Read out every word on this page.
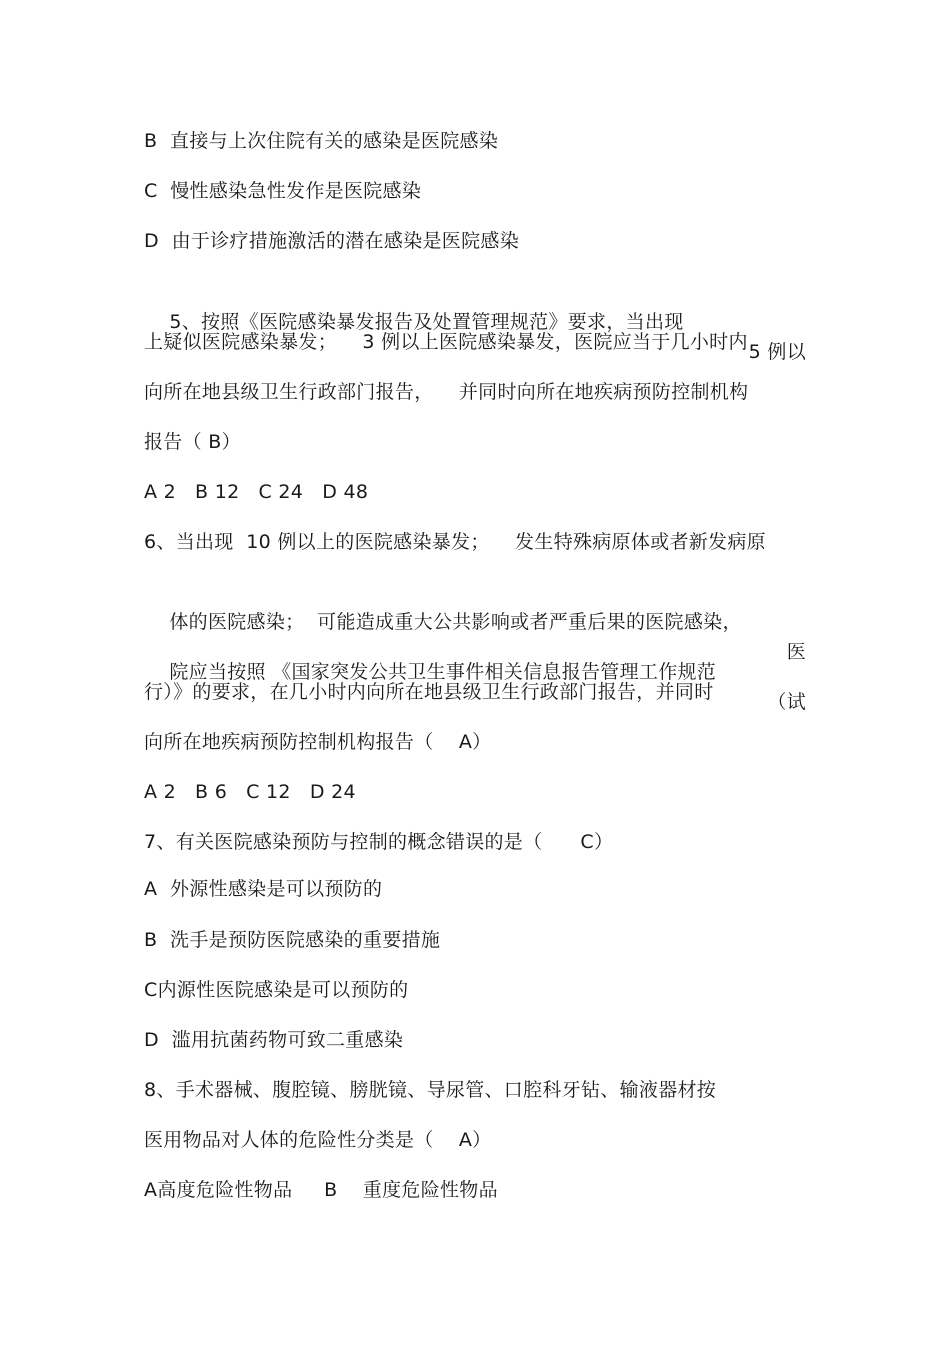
B  直接与上次住院有关的感染是医院感染
C  慢性感染急性发作是医院感染
D  由于诊疗措施激活的潜在感染是医院感染

5、按照《医院感染暴发报告及处置管理规范》要求，当出现

5 例以

上疑似医院感染暴发；    3 例以上医院感染暴发，医院应当于几小时内
向所在地县级卫生行政部门报告，    并同时向所在地疾病预防控制机构
报告（ B）
A 2   B 12   C 24   D 48
6、当出现  10 例以上的医院感染暴发；    发生特殊病原体或者新发病原

体的医院感染；  可能造成重大公共影响或者严重后果的医院感染，

医

院应当按照 《国家突发公共卫生事件相关信息报告管理工作规范

（试

行）》的要求，在几小时内向所在地县级卫生行政部门报告，并同时
向所在地疾病预防控制机构报告（    A）
A 2   B 6   C 12   D 24
7、有关医院感染预防与控制的概念错误的是（      C）
A  外源性感染是可以预防的
B  洗手是预防医院感染的重要措施
C内源性医院感染是可以预防的
D  滥用抗菌药物可致二重感染
8、手术器械、腹腔镜、膀胱镜、导尿管、口腔科牙钻、输液器材按
医用物品对人体的危险性分类是（    A）
A高度危险性物品     B    重度危险性物品
